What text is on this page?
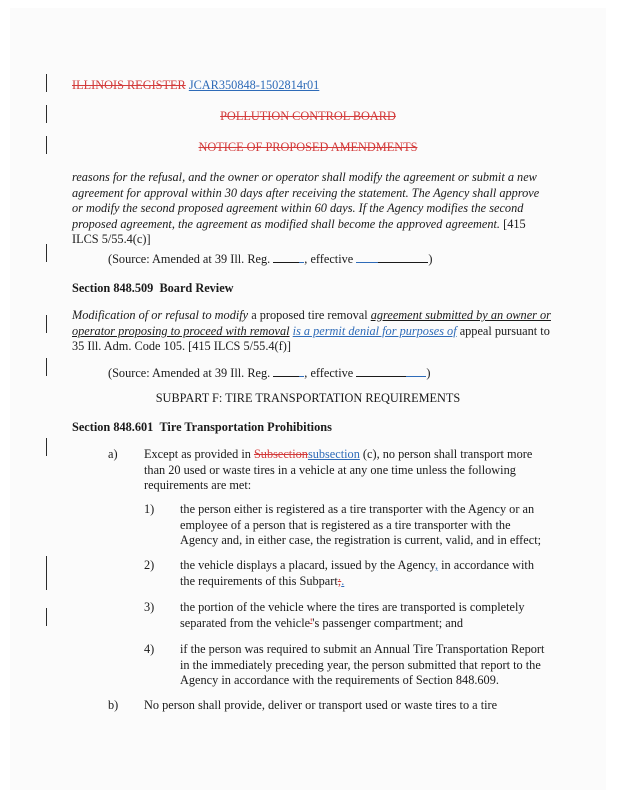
ILLINOIS REGISTER JCAR350848-1502814r01
POLLUTION CONTROL BOARD
NOTICE OF PROPOSED AMENDMENTS
reasons for the refusal, and the owner or operator shall modify the agreement or submit a new
agreement for approval within 30 days after receiving the statement. The Agency shall approve
or modify the second proposed agreement within 60 days. If the Agency modifies the second
proposed agreement, the agreement as modified shall become the approved agreement. [415
ILCS 5/55.4(c)]
(Source: Amended at 39 Ill. Reg.	, effective	)
Section 848.509 Board Review
Modification of or refusal to modify a proposed tire removal agreement submitted by an owner or
operator proposing to proceed with removal is a permit denial for purposes of appeal pursuant to
35 Ill. Adm. Code 105. [415 ILCS 5/55.4(f)]
(Source: Amended at 39 Ill. Reg.	, effective	)
SUBPART F: TIRE TRANSPORTATION REQUIREMENTS
Section 848.601 Tire Transportation Prohibitions
a) Except as provided in Subsectionsubsection (c), no person shall transport more
than 20 used or waste tires in a vehicle at any one time unless the following
requirements are met:
1) the person either is registered as a tire transporter with the Agency or an
employee of a person that is registered as a tire transporter with the
Agency and, in either case, the registration is current, valid, and in effect;
2) the vehicle displays a placard, issued by the Agency, in accordance with
the requirements of this Subpart;.
3) the portion of the vehicle where the tires are transported is completely
separated from the vehicle''s passenger compartment; and
4) if the person was required to submit an Annual Tire Transportation Report
in the immediately preceding year, the person submitted that report to the
Agency in accordance with the requirements of Section 848.609.
b) No person shall provide, deliver or transport used or waste tires to a tire
